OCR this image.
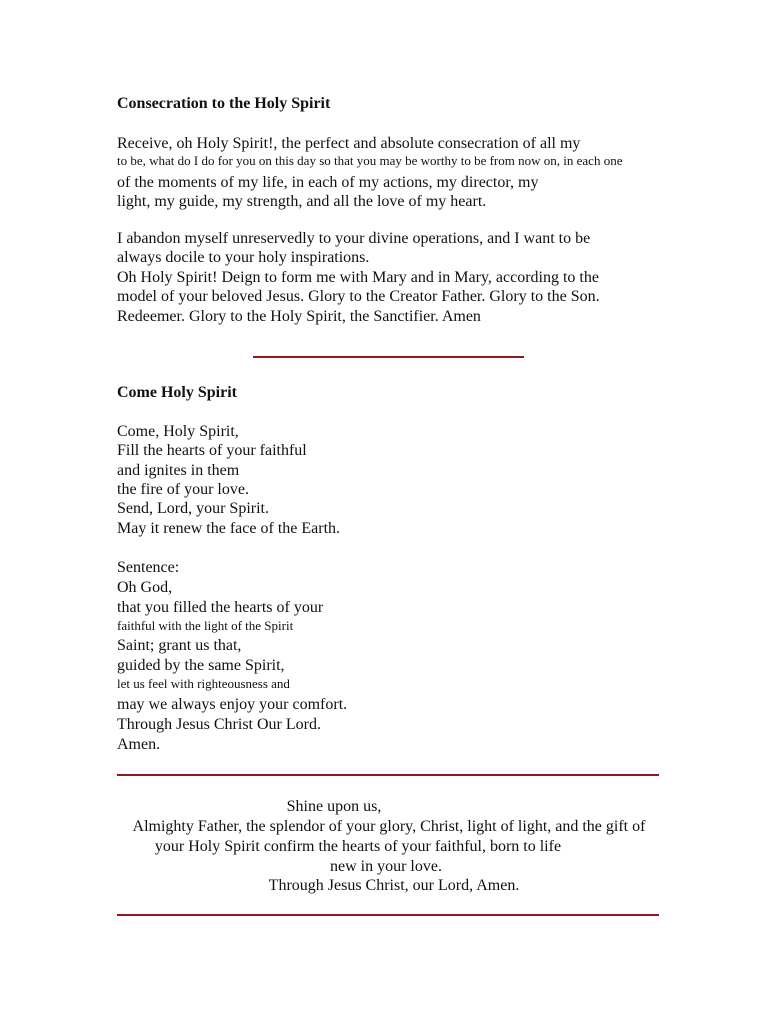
Consecration to the Holy Spirit
Receive, oh Holy Spirit!, the perfect and absolute consecration of all my
to be, what do I do for you on this day so that you may be worthy to be from now on, in each one
of the moments of my life, in each of my actions, my director, my
light, my guide, my strength, and all the love of my heart.
I abandon myself unreservedly to your divine operations, and I want to be
always docile to your holy inspirations.
Oh Holy Spirit! Deign to form me with Mary and in Mary, according to the
model of your beloved Jesus. Glory to the Creator Father. Glory to the Son.
Redeemer. Glory to the Holy Spirit, the Sanctifier. Amen
Come Holy Spirit
Come, Holy Spirit,
Fill the hearts of your faithful
and ignites in them
the fire of your love.
Send, Lord, your Spirit.
May it renew the face of the Earth.
Sentence:
Oh God,
that you filled the hearts of your
faithful with the light of the Spirit
Saint; grant us that,
guided by the same Spirit,
let us feel with righteousness and
may we always enjoy your comfort.
Through Jesus Christ Our Lord.
Amen.
Shine upon us,
Almighty Father, the splendor of your glory, Christ, light of light, and the gift of
your Holy Spirit confirm the hearts of your faithful, born to life
new in your love.
Through Jesus Christ, our Lord, Amen.
